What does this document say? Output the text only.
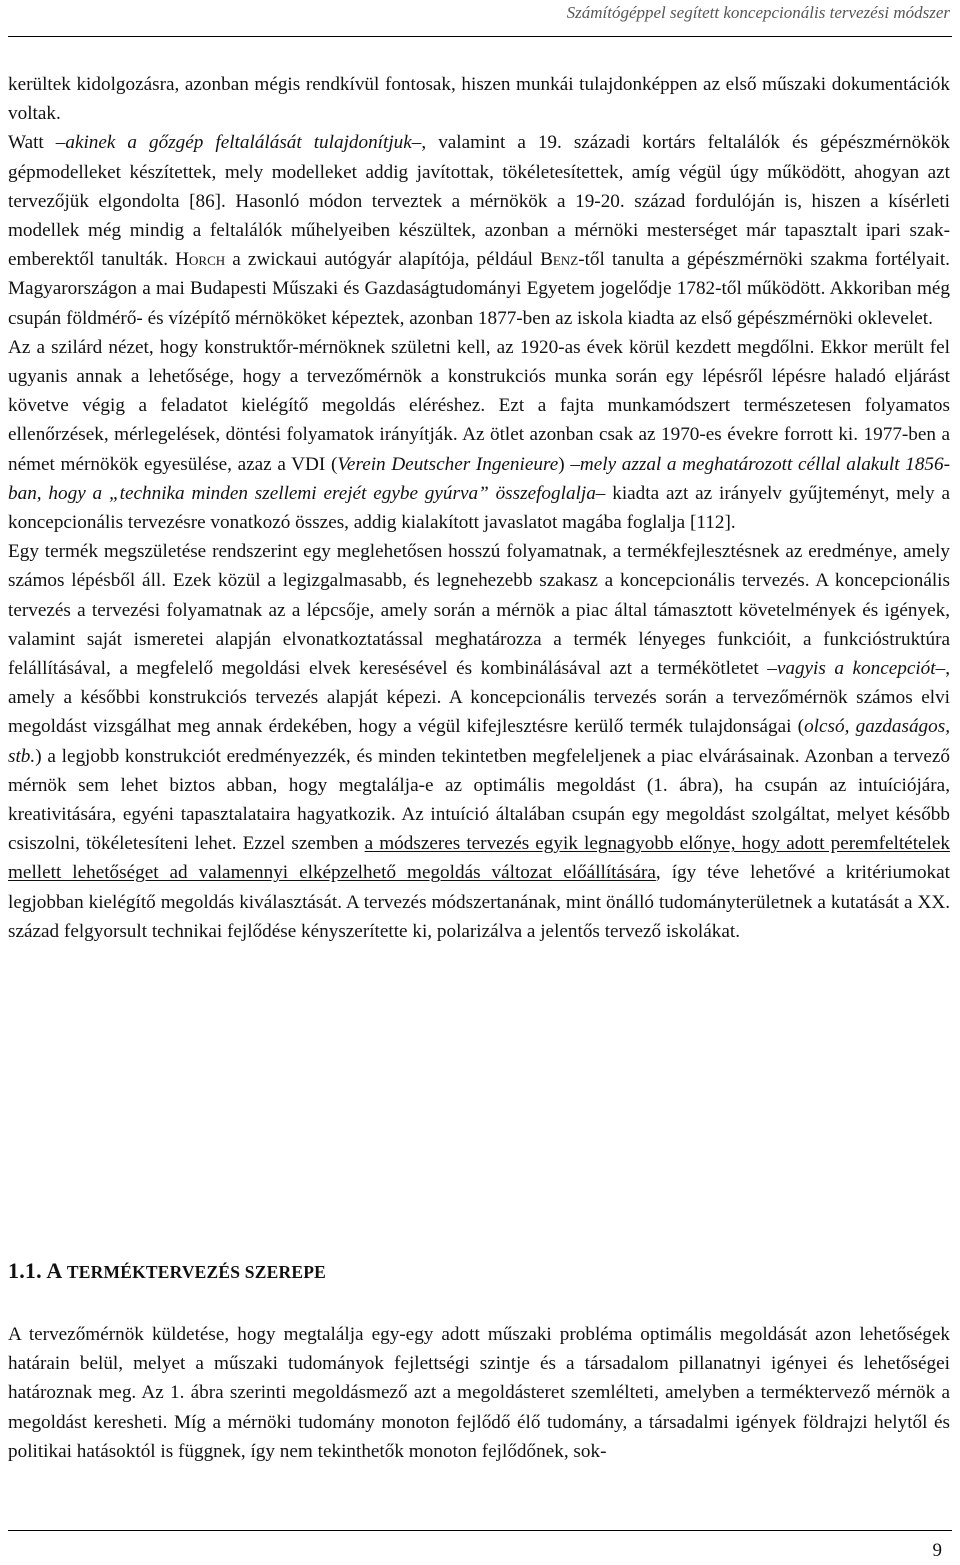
Számítógéppel segített koncepcionális tervezési módszer

kerültek kidolgozásra, azonban mégis rendkívül fontosak, hiszen munkái tulajdonképpen az első műszaki dokumentációk voltak.

Watt –akinek a gőzgép feltalálását tulajdonítjuk–, valamint a 19. századi kortárs feltalálók és gépészmérnökök gépmodelleket készítettek, mely modelleket addig javítottak, tökéletesítettek, amíg végül úgy működött, ahogyan azt tervezőjük elgondolta [86]. Hasonló módon terveztek a mérnökök a 19-20. század fordulóján is, hiszen a kísérleti modellek még mindig a feltalálók műhelyeiben készültek, azonban a mérnöki mesterséget már tapasztalt ipari szakemberektől tanulták. Horch a zwickaui autógyár alapítója, például Benz-től tanulta a gépészmérnöki szakma fortélyait. Magyarországon a mai Budapesti Műszaki és Gazdaságtudományi Egyetem jogelődje 1782-től működött. Akkoriban még csupán földmérő- és vízépítő mérnököket képeztek, azonban 1877-ben az iskola kiadta az első gépészmérnöki oklevelet.

Az a szilárd nézet, hogy konstruktőr-mérnöknek születni kell, az 1920-as évek körül kezdett megdőlni. Ekkor merült fel ugyanis annak a lehetősége, hogy a tervezőmérnök a konstrukciós munka során egy lépésről lépésre haladó eljárást követve végig a feladatot kielégítő megoldás eléréshez. Ezt a fajta munkamódszert természetesen folyamatos ellenőrzések, mérlegelések, döntési folyamatok irányítják. Az ötlet azonban csak az 1970-es évekre forrott ki. 1977-ben a német mérnökök egyesülése, azaz a VDI (Verein Deutscher Ingenieure) –mely azzal a meghatározott céllal alakult 1856-ban, hogy a „technika minden szellemi erejét egybe gyúrva” összefoglalja– kiadta azt az irányelv gyűjteményt, mely a koncepcionális tervezésre vonatkozó összes, addig kialakított javaslatot magába foglalja [112].

Egy termék megszületése rendszerint egy meglehetősen hosszú folyamatnak, a termékfejlesztésnek az eredménye, amely számos lépésből áll. Ezek közül a legizgalmasabb, és legnehezebb szakasz a koncepcionális tervezés. A koncepcionális tervezés a tervezési folyamatnak az a lépcsője, amely során a mérnök a piac által támasztott követelmények és igények, valamint saját ismeretei alapján elvonatkoztatással meghatározza a termék lényeges funkcióit, a funkcióstruktúra felállításával, a megfelelő megoldási elvek keresésével és kombinálásával azt a termékötletet –vagyis a koncepciót–, amely a későbbi konstrukciós tervezés alapját képezi. A koncepcionális tervezés során a tervezőmérnök számos elvi megoldást vizsgálhat meg annak érdekében, hogy a végül kifejlesztésre kerülő termék tulajdonságai (olcsó, gazdaságos, stb.) a legjobb konstrukciót eredményezzék, és minden tekintetben megfeleljenek a piac elvárásainak. Azonban a tervező mérnök sem lehet biztos abban, hogy megtalálja-e az optimális megoldást (1. ábra), ha csupán az intuíciójára, kreativitására, egyéni tapasztalataira hagyatkozik. Az intuíció általában csupán egy megoldást szolgáltat, melyet később csiszolni, tökéletesíteni lehet. Ezzel szemben a módszeres tervezés egyik legnagyobb előnye, hogy adott peremfeltételek mellett lehetőséget ad valamennyi elképzelhető megoldás változat előállítására, így téve lehetővé a kritériumokat legjobban kielégítő megoldás kiválasztását. A tervezés módszertanának, mint önálló tudományterületnek a kutatását a XX. század felgyorsult technikai fejlődése kényszerítette ki, polarizálva a jelentős tervező iskolákat.

1.1. A TERMÉKTERVEZÉS SZEREPE

A tervezőmérnök küldetése, hogy megtalálja egy-egy adott műszaki probléma optimális megoldását azon lehetőségek határain belül, melyet a műszaki tudományok fejlettségi szintje és a társadalom pillanatnyi igényei és lehetőségei határoznak meg. Az 1. ábra szerinti megoldásmező azt a megoldásteret szemlélteti, amelyben a terméktervező mérnök a megoldást keresheti. Míg a mérnöki tudomány monoton fejlődő élő tudomány, a társadalmi igények földrajzi helytől és politikai hatásoktól is függnek, így nem tekinthetők monoton fejlődőnek, sok-

9
